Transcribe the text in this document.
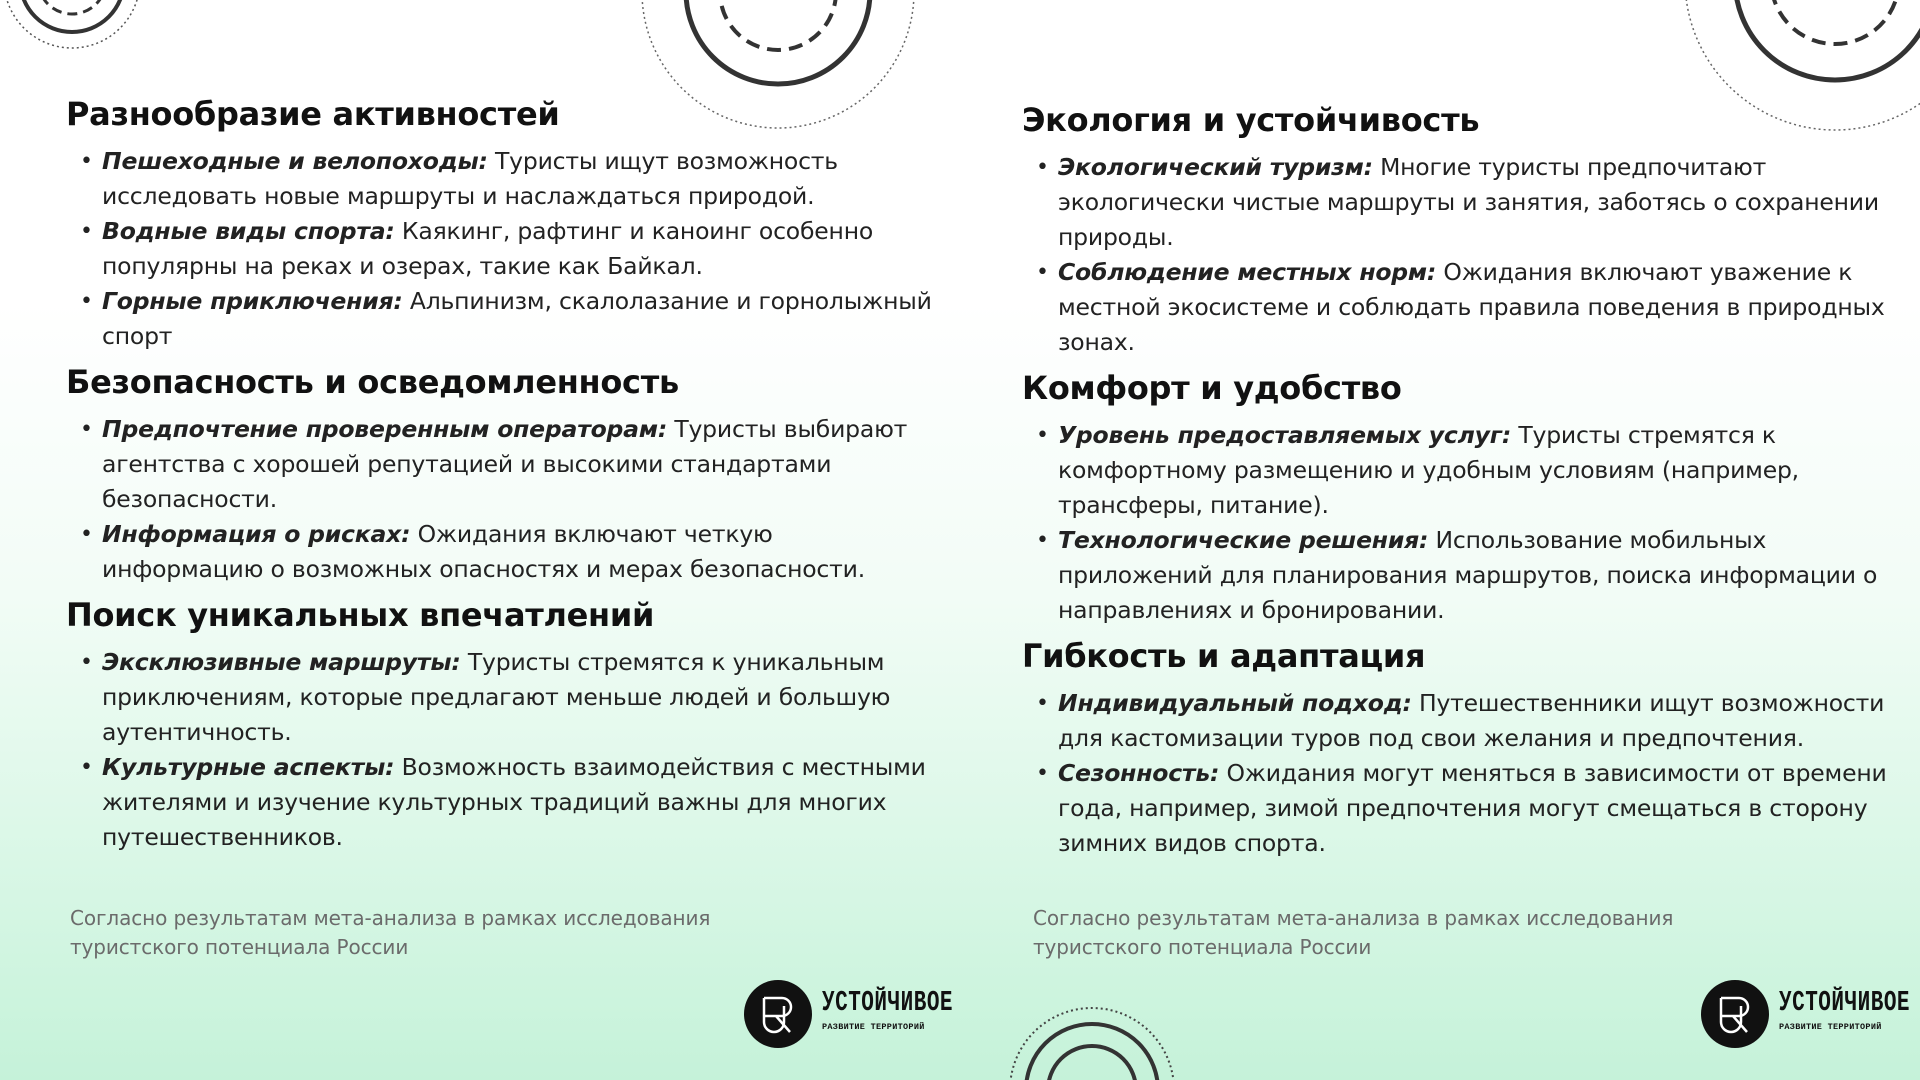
Разнообразие активностей
• Пешеходные и велопоходы: Туристы ищут возможность исследовать новые маршруты и наслаждаться природой.
• Водные виды спорта: Каякинг, рафтинг и каноинг особенно популярны на реках и озерах, такие как Байкал.
• Горные приключения: Альпинизм, скалолазание и горнолыжный спорт
Безопасность и осведомленность
• Предпочтение проверенным операторам: Туристы выбирают агентства с хорошей репутацией и высокими стандартами безопасности.
• Информация о рисках: Ожидания включают четкую информацию о возможных опасностях и мерах безопасности.
Поиск уникальных впечатлений
• Эксклюзивные маршруты: Туристы стремятся к уникальным приключениям, которые предлагают меньше людей и большую аутентичность.
• Культурные аспекты: Возможность взаимодействия с местными жителями и изучение культурных традиций важны для многих путешественников.
Согласно результатам мета-анализа в рамках исследования туристского потенциала России
УСТОЙЧИВОЕ
РАЗВИТИЕ ТЕРРИТОРИЙ
Экология и устойчивость
• Экологический туризм: Многие туристы предпочитают экологически чистые маршруты и занятия, заботясь о сохранении природы.
• Соблюдение местных норм: Ожидания включают уважение к местной экосистеме и соблюдать правила поведения в природных зонах.
Комфорт и удобство
• Уровень предоставляемых услуг: Туристы стремятся к комфортному размещению и удобным условиям (например, трансферы, питание).
• Технологические решения: Использование мобильных приложений для планирования маршрутов, поиска информации о направлениях и бронировании.
Гибкость и адаптация
• Индивидуальный подход: Путешественники ищут возможности для кастомизации туров под свои желания и предпочтения.
• Сезонность: Ожидания могут меняться в зависимости от времени года, например, зимой предпочтения могут смещаться в сторону зимних видов спорта.
Согласно результатам мета-анализа в рамках исследования туристского потенциала России
УСТОЙЧИВОЕ
РАЗВИТИЕ ТЕРРИТОРИЙ
